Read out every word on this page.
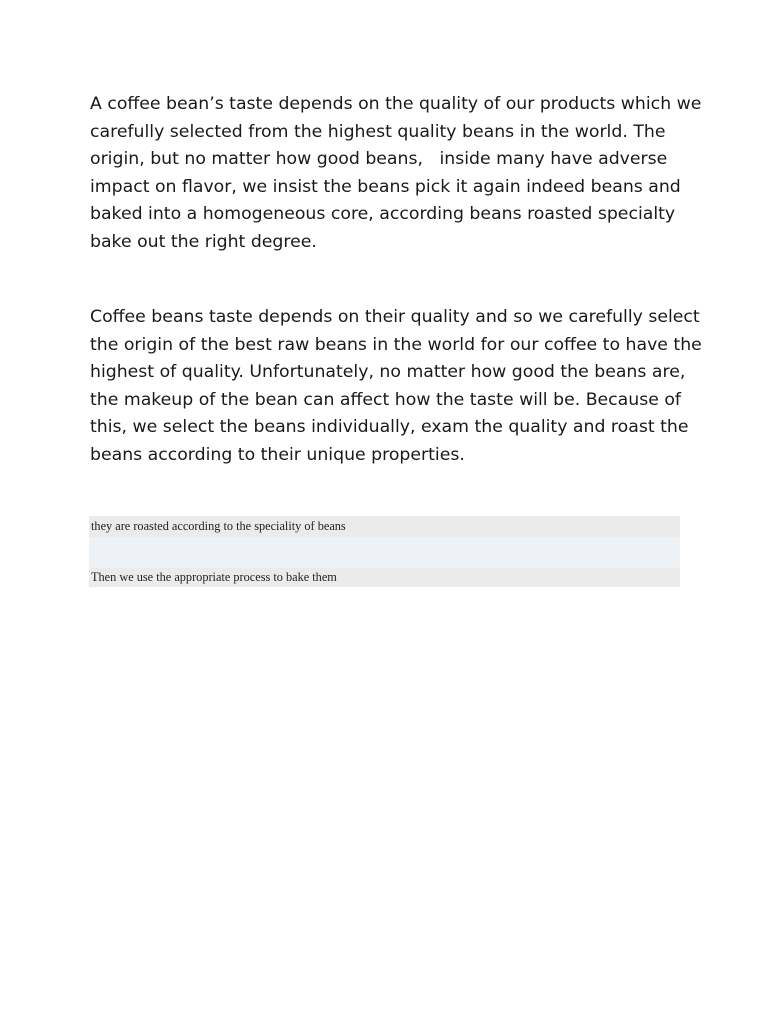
A coffee bean’s taste depends on the quality of our products which we
carefully selected from the highest quality beans in the world. The
origin, but no matter how good beans,   inside many have adverse
impact on flavor, we insist the beans pick it again indeed beans and
baked into a homogeneous core, according beans roasted specialty
bake out the right degree.

Coffee beans taste depends on their quality and so we carefully select
the origin of the best raw beans in the world for our coffee to have the
highest of quality. Unfortunately, no matter how good the beans are,
the makeup of the bean can affect how the taste will be. Because of
this, we select the beans individually, exam the quality and roast the
beans according to their unique properties.

they are roasted according to the speciality of beans
Then we use the appropriate process to bake them
